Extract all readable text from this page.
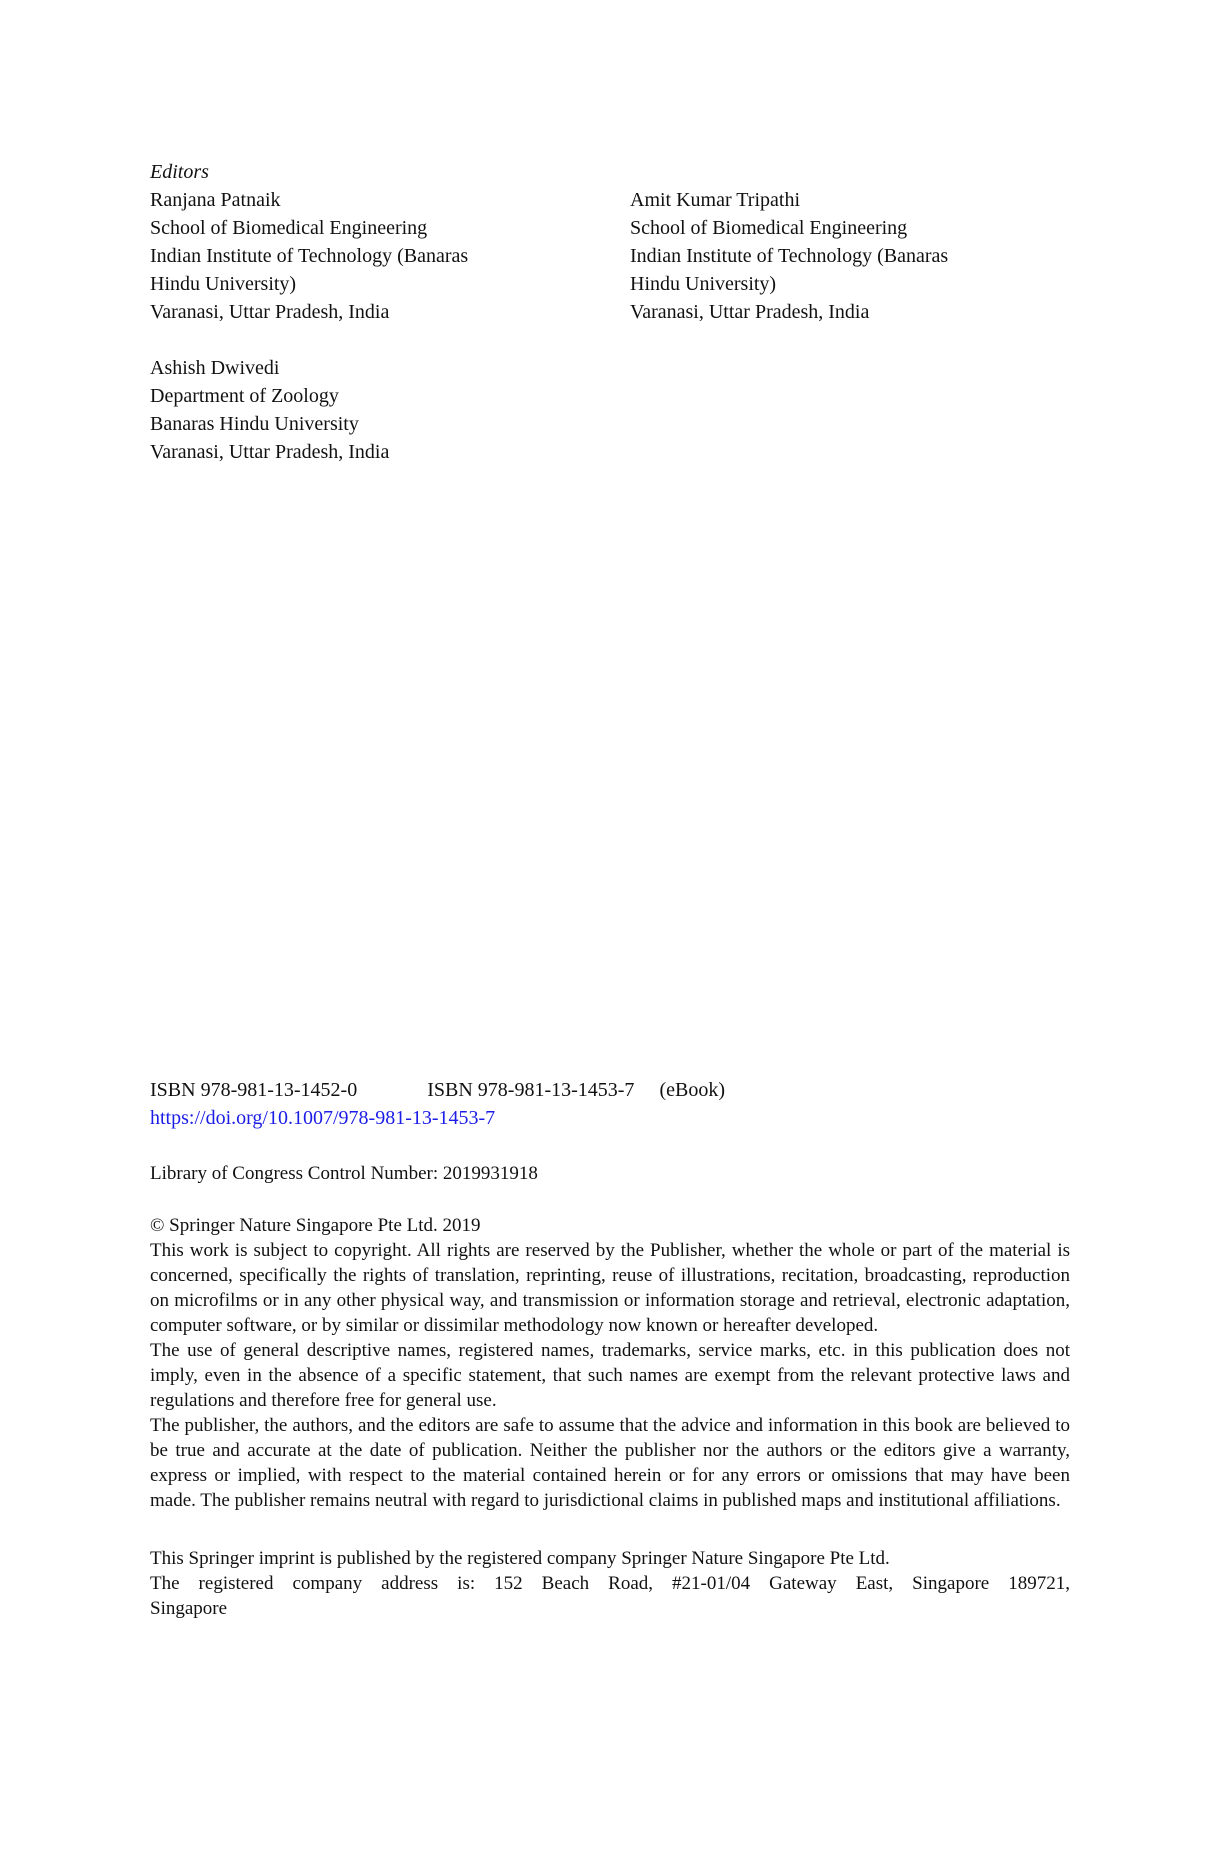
Editors
Ranjana Patnaik
School of Biomedical Engineering
Indian Institute of Technology (Banaras
Hindu University)
Varanasi, Uttar Pradesh, India
Amit Kumar Tripathi
School of Biomedical Engineering
Indian Institute of Technology (Banaras
Hindu University)
Varanasi, Uttar Pradesh, India
Ashish Dwivedi
Department of Zoology
Banaras Hindu University
Varanasi, Uttar Pradesh, India
ISBN 978-981-13-1452-0	ISBN 978-981-13-1453-7 (eBook)
https://doi.org/10.1007/978-981-13-1453-7
Library of Congress Control Number: 2019931918
© Springer Nature Singapore Pte Ltd. 2019

This work is subject to copyright. All rights are reserved by the Publisher, whether the whole or part of the material is concerned, specifically the rights of translation, reprinting, reuse of illustrations, recitation, broadcasting, reproduction on microfilms or in any other physical way, and transmission or information storage and retrieval, electronic adaptation, computer software, or by similar or dissimilar methodology now known or hereafter developed.

The use of general descriptive names, registered names, trademarks, service marks, etc. in this publication does not imply, even in the absence of a specific statement, that such names are exempt from the relevant protective laws and regulations and therefore free for general use.

The publisher, the authors, and the editors are safe to assume that the advice and information in this book are believed to be true and accurate at the date of publication. Neither the publisher nor the authors or the editors give a warranty, express or implied, with respect to the material contained herein or for any errors or omissions that may have been made. The publisher remains neutral with regard to jurisdictional claims in published maps and institutional affiliations.

This Springer imprint is published by the registered company Springer Nature Singapore Pte Ltd.
The registered company address is: 152 Beach Road, #21-01/04 Gateway East, Singapore 189721,
Singapore
